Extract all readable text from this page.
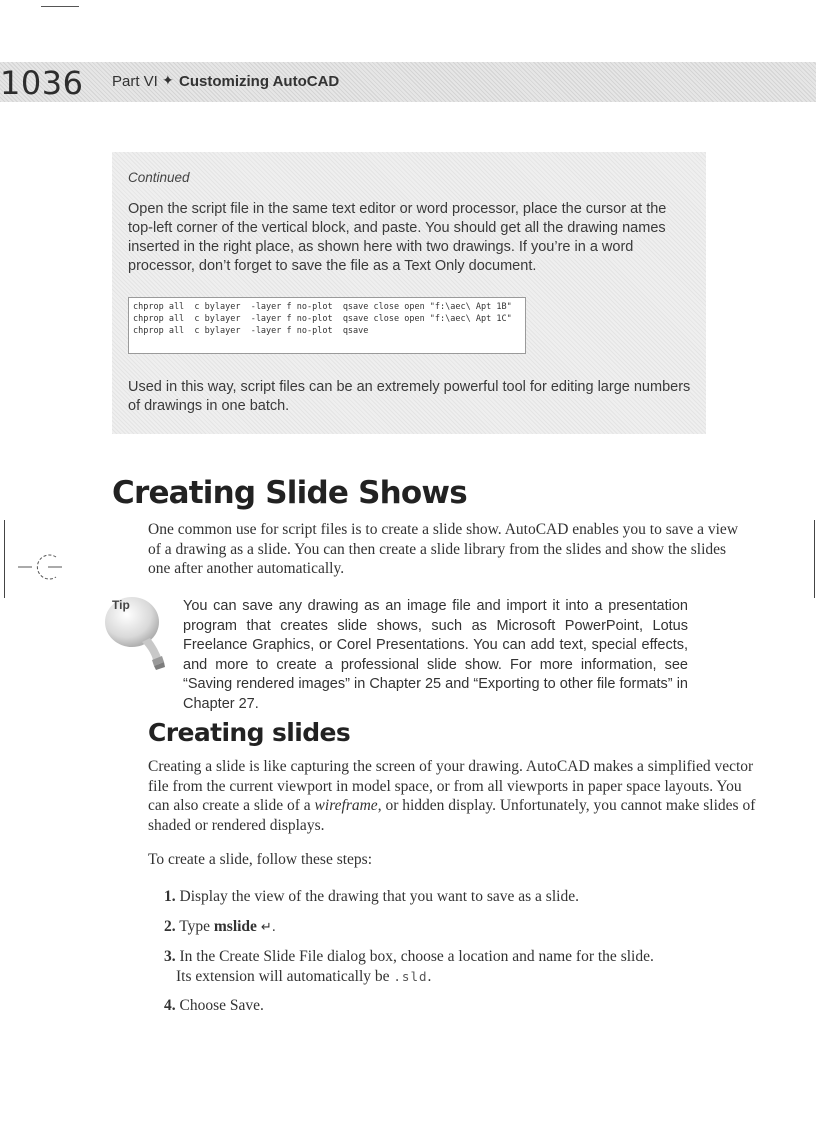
1036 Part VI ✦ Customizing AutoCAD
Continued
Open the script file in the same text editor or word processor, place the cursor at the top-left corner of the vertical block, and paste. You should get all the drawing names inserted in the right place, as shown here with two drawings. If you’re in a word processor, don’t forget to save the file as a Text Only document.
chprop all  c bylayer  -layer f no-plot  qsave close open "f:\aec\ Apt 1B"
chprop all  c bylayer  -layer f no-plot  qsave close open "f:\aec\ Apt 1C"
chprop all  c bylayer  -layer f no-plot  qsave
Used in this way, script files can be an extremely powerful tool for editing large numbers of drawings in one batch.
Creating Slide Shows
One common use for script files is to create a slide show. AutoCAD enables you to save a view of a drawing as a slide. You can then create a slide library from the slides and show the slides one after another automatically.
Tip	You can save any drawing as an image file and import it into a presentation program that creates slide shows, such as Microsoft PowerPoint, Lotus Freelance Graphics, or Corel Presentations. You can add text, special effects, and more to create a professional slide show. For more information, see “Saving rendered images” in Chapter 25 and “Exporting to other file formats” in Chapter 27.
Creating slides
Creating a slide is like capturing the screen of your drawing. AutoCAD makes a simplified vector file from the current viewport in model space, or from all viewports in paper space layouts. You can also create a slide of a wireframe, or hidden display. Unfortunately, you cannot make slides of shaded or rendered displays.
To create a slide, follow these steps:
1. Display the view of the drawing that you want to save as a slide.
2. Type mslide ↵.
3. In the Create Slide File dialog box, choose a location and name for the slide.
Its extension will automatically be .sld.
4. Choose Save.
